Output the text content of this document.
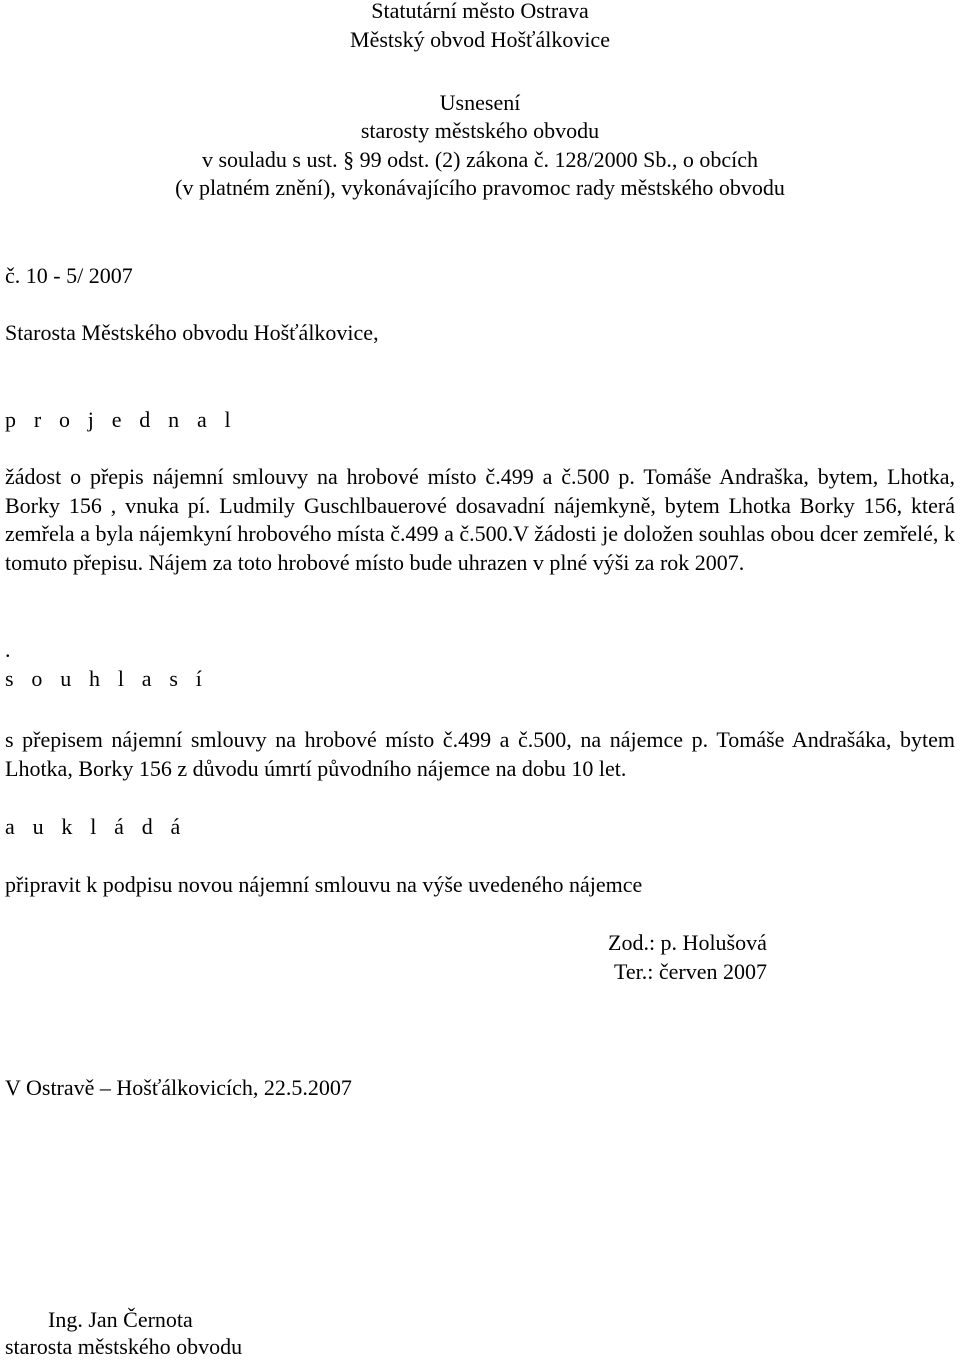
Statutární město Ostrava
Městský obvod Hošťálkovice
Usnesení
starosty městského obvodu
v souladu s ust. § 99 odst. (2) zákona č. 128/2000 Sb., o obcích
(v platném znění), vykonávajícího pravomoc rady městského obvodu
č. 10 - 5/ 2007
Starosta Městského obvodu Hošťálkovice,
p r o j e d n a l
žádost o přepis nájemní smlouvy na hrobové místo č.499 a č.500 p. Tomáše Andraška, bytem, Lhotka, Borky 156 , vnuka pí. Ludmily Guschlbauerové dosavadní nájemkyně, bytem Lhotka Borky 156, která zemřela a byla nájemkyní hrobového místa č.499 a č.500.V žádosti je doložen souhlas obou dcer zemřelé, k tomuto přepisu. Nájem za toto hrobové místo bude uhrazen v plné výši za rok 2007.
.
s o u h l a s í
s přepisem nájemní smlouvy na hrobové místo č.499 a č.500, na nájemce p. Tomáše Andrašáka, bytem Lhotka, Borky 156 z důvodu úmrtí původního nájemce na dobu 10 let.
a u k l á d á
připravit k podpisu novou nájemní smlouvu na výše uvedeného nájemce
Zod.: p. Holušová
Ter.: červen 2007
V Ostravě – Hošťálkovicích, 22.5.2007
Ing. Jan Černota
starosta městského obvodu
